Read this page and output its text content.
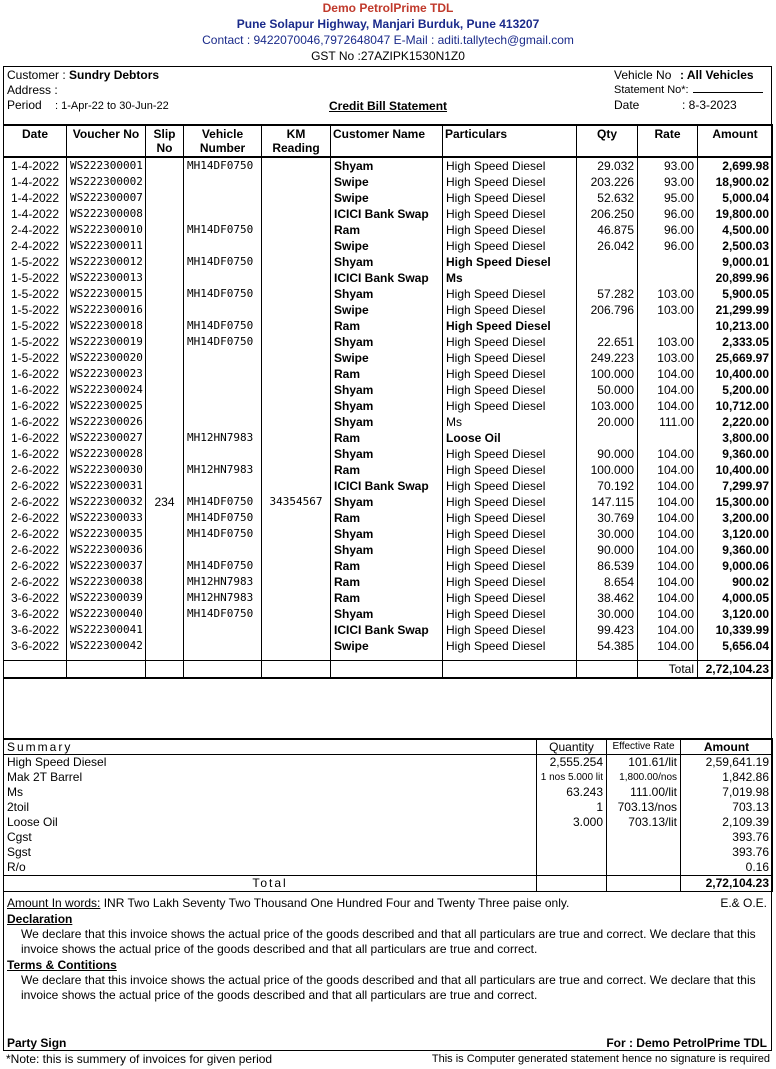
Demo PetrolPrime TDL
Pune Solapur Highway, Manjari Burduk, Pune 413207
Contact : 9422070046,7972648047 E-Mail : aditi.tallytech@gmail.com
GST No :27AZIPK1530N1Z0
Customer : Sundry Debtors
Address :
Period : 1-Apr-22 to 30-Jun-22	Credit Bill Statement
Vehicle No : All Vehicles
Statement No*:
Date	: 8-3-2023
Date	Voucher No	Slip No	Vehicle Number	KM Reading	Customer Name	Particulars	Qty	Rate	Amount
1-4-2022	WS222300001		MH14DF0750		Shyam	High Speed Diesel	29.032	93.00	2,699.98
1-4-2022	WS222300002				Swipe	High Speed Diesel	203.226	93.00	18,900.02
1-4-2022	WS222300007				Swipe	High Speed Diesel	52.632	95.00	5,000.04
1-4-2022	WS222300008				ICICI Bank Swap	High Speed Diesel	206.250	96.00	19,800.00
2-4-2022	WS222300010		MH14DF0750		Ram	High Speed Diesel	46.875	96.00	4,500.00
2-4-2022	WS222300011				Swipe	High Speed Diesel	26.042	96.00	2,500.03
1-5-2022	WS222300012		MH14DF0750		Shyam	High Speed Diesel			9,000.01
1-5-2022	WS222300013				ICICI Bank Swap	Ms			20,899.96
1-5-2022	WS222300015		MH14DF0750		Shyam	High Speed Diesel	57.282	103.00	5,900.05
1-5-2022	WS222300016				Swipe	High Speed Diesel	206.796	103.00	21,299.99
1-5-2022	WS222300018		MH14DF0750		Ram	High Speed Diesel			10,213.00
1-5-2022	WS222300019		MH14DF0750		Shyam	High Speed Diesel	22.651	103.00	2,333.05
1-5-2022	WS222300020				Swipe	High Speed Diesel	249.223	103.00	25,669.97
1-6-2022	WS222300023				Ram	High Speed Diesel	100.000	104.00	10,400.00
1-6-2022	WS222300024				Shyam	High Speed Diesel	50.000	104.00	5,200.00
1-6-2022	WS222300025				Shyam	High Speed Diesel	103.000	104.00	10,712.00
1-6-2022	WS222300026				Shyam	Ms	20.000	111.00	2,220.00
1-6-2022	WS222300027		MH12HN7983		Ram	Loose Oil			3,800.00
1-6-2022	WS222300028				Shyam	High Speed Diesel	90.000	104.00	9,360.00
2-6-2022	WS222300030		MH12HN7983		Ram	High Speed Diesel	100.000	104.00	10,400.00
2-6-2022	WS222300031				ICICI Bank Swap	High Speed Diesel	70.192	104.00	7,299.97
2-6-2022	WS222300032	234	MH14DF0750	34354567	Shyam	High Speed Diesel	147.115	104.00	15,300.00
2-6-2022	WS222300033		MH14DF0750		Ram	High Speed Diesel	30.769	104.00	3,200.00
2-6-2022	WS222300035		MH14DF0750		Shyam	High Speed Diesel	30.000	104.00	3,120.00
2-6-2022	WS222300036				Shyam	High Speed Diesel	90.000	104.00	9,360.00
2-6-2022	WS222300037		MH14DF0750		Ram	High Speed Diesel	86.539	104.00	9,000.06
2-6-2022	WS222300038		MH12HN7983		Ram	High Speed Diesel	8.654	104.00	900.02
3-6-2022	WS222300039		MH12HN7983		Ram	High Speed Diesel	38.462	104.00	4,000.05
3-6-2022	WS222300040		MH14DF0750		Shyam	High Speed Diesel	30.000	104.00	3,120.00
3-6-2022	WS222300041				ICICI Bank Swap	High Speed Diesel	99.423	104.00	10,339.99
3-6-2022	WS222300042				Swipe	High Speed Diesel	54.385	104.00	5,656.04

								Total	2,72,104.23
Summary	Quantity	Effective Rate	Amount
High Speed Diesel	2,555.254	101.61/lit	2,59,641.19
Mak 2T Barrel	1 nos 5.000 lit	1,800.00/nos	1,842.86
Ms	63.243	111.00/lit	7,019.98
2toil	1	703.13/nos	703.13
Loose Oil	3.000	703.13/lit	2,109.39
Cgst			393.76
Sgst			393.76
R/o			0.16
Total			2,72,104.23
Amount In words: INR Two Lakh Seventy Two Thousand One Hundred Four and Twenty Three paise only.	E.& O.E.
Declaration
We declare that this invoice shows the actual price of the goods described and that all particulars are true and correct. We declare that this invoice shows the actual price of the goods described and that all particulars are true and correct.
Terms & Contitions
We declare that this invoice shows the actual price of the goods described and that all particulars are true and correct. We declare that this invoice shows the actual price of the goods described and that all particulars are true and correct.
Party Sign	For : Demo PetrolPrime TDL
*Note: this is summery of invoices for given period	This is Computer generated statement hence no signature is required
